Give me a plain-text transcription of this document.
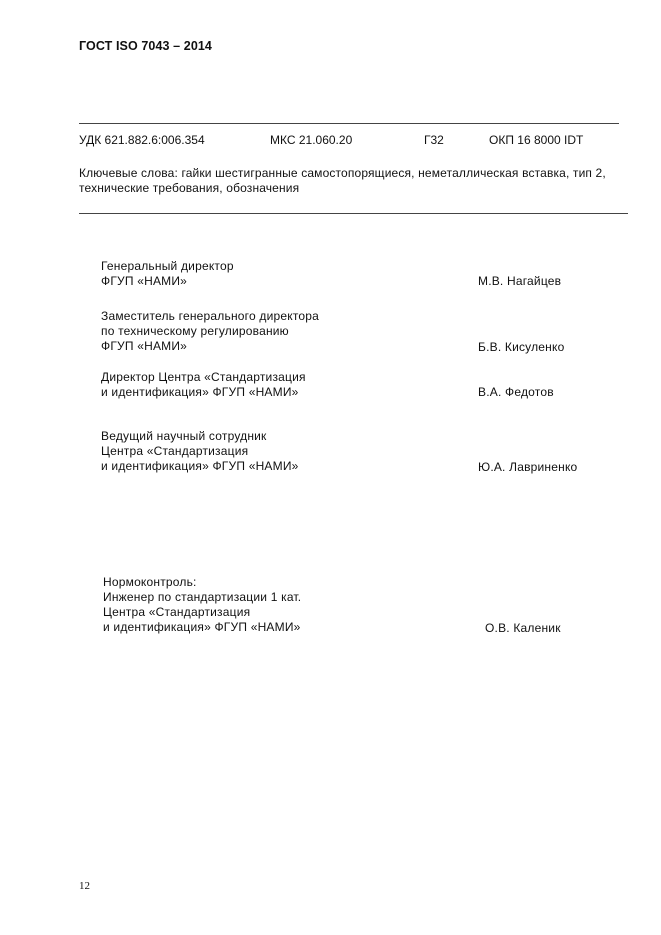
ГОСТ ISO 7043 – 2014
УДК 621.882.6:006.354	МКС 21.060.20	Г32	ОКП 16 8000 IDT
Ключевые слова: гайки шестигранные самостопорящиеся, неметаллическая вставка, тип 2, технические требования, обозначения
Генеральный директор
ФГУП «НАМИ»	М.В. Нагайцев
Заместитель генерального директора
по техническому регулированию
ФГУП «НАМИ»	Б.В. Кисуленко
Директор Центра «Стандартизация
и идентификация» ФГУП «НАМИ»	В.А. Федотов
Ведущий научный сотрудник
Центра «Стандартизация
и идентификация» ФГУП «НАМИ»	Ю.А. Лавриненко
Нормоконтроль:
Инженер по стандартизации 1 кат.
Центра «Стандартизация
и идентификация» ФГУП «НАМИ»	О.В. Каленик
12
